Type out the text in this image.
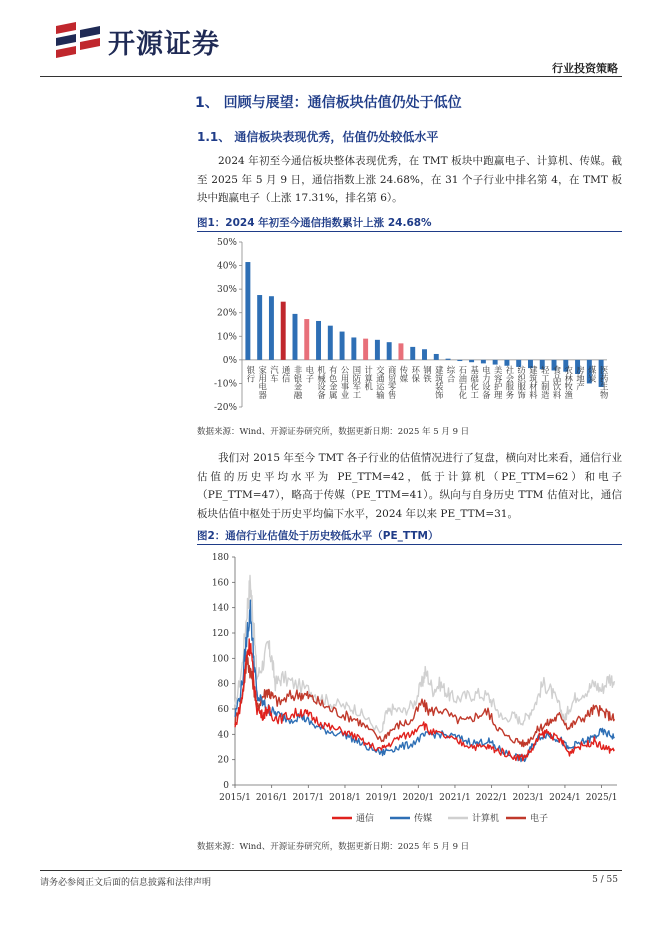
开源证券
行业投资策略
1、 回顾与展望：通信板块估值仍处于低位
1.1、 通信板块表现优秀，估值仍处较低水平
2024 年初至今通信板块整体表现优秀，在 TMT 板块中跑赢电子、计算机、传媒。截至 2025 年 5 月 9 日，通信指数上涨 24.68%，在 31 个子行业中排名第 4，在 TMT 板块中跑赢电子（上涨 17.31%，排名第 6）。
图1：2024 年初至今通信指数累计上涨 24.68%
50%
40%
30%
20%
10%
0%
-10%
-20%
银行 家用电器 汽车 通信 非银金融 电子 机械设备 有色金属 公用事业 国防军工 计算机 交通运输 商贸零售 传媒 环保 钢铁 建筑装饰 综合 石油石化 基础化工 电力设备 美容护理 社会服务 纺织服饰 建筑材料 轻工制造 食品饮料 农林牧渔 房地产 煤炭 医药生物
数据来源：Wind、开源证券研究所，数据更新日期：2025 年 5 月 9 日
我们对 2015 年至今 TMT 各子行业的估值情况进行了复盘，横向对比来看，通信行业估值的历史平均水平为 PE_TTM=42，低于计算机（PE_TTM=62）和电子（PE_TTM=47），略高于传媒（PE_TTM=41）。纵向与自身历史 TTM 估值对比，通信板块估值中枢处于历史平均偏下水平，2024 年以来 PE_TTM=31。
图2：通信行业估值处于历史较低水平（PE_TTM）
0
20
40
60
80
100
120
140
160
180
2015/1 2016/1 2017/1 2018/1 2019/1 2020/1 2021/1 2022/1 2023/1 2024/1 2025/1
通信	传媒	计算机	电子
数据来源：Wind、开源证券研究所，数据更新日期：2025 年 5 月 9 日
请务必参阅正文后面的信息披露和法律声明	5 / 55
